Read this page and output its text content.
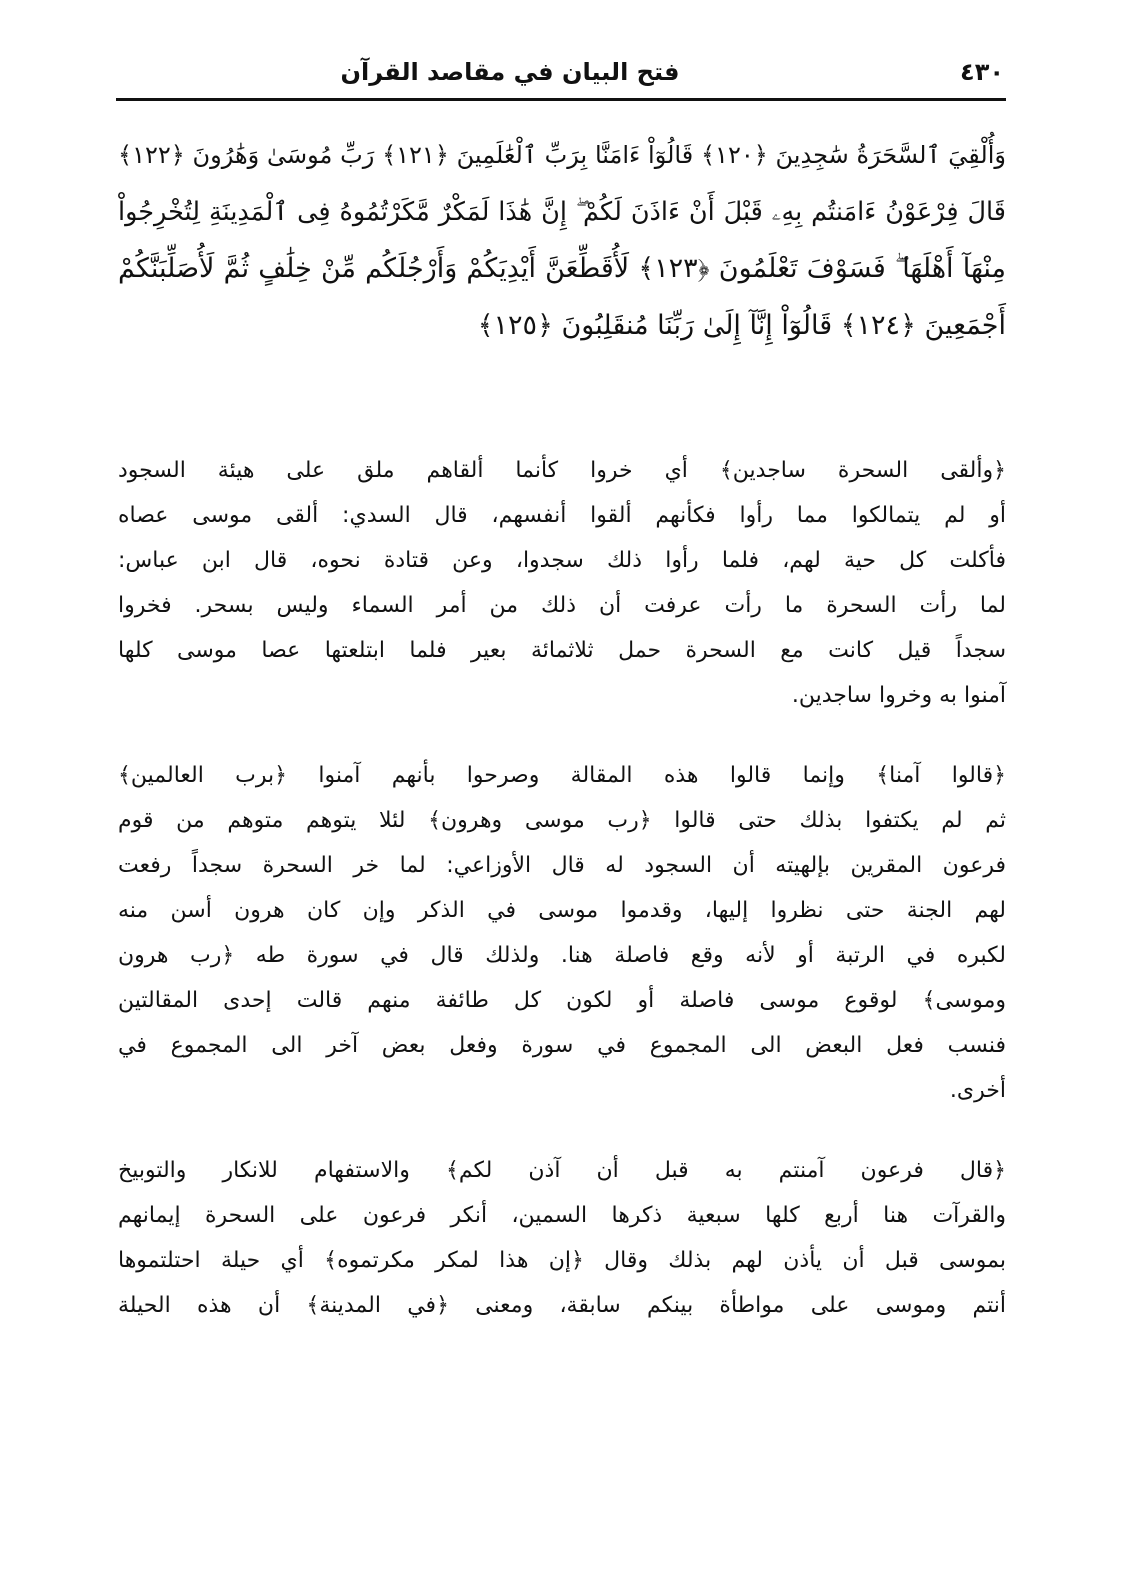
٤٣٠
فتح البيان في مقاصد القرآن
وَأُلْقِيَ ٱلسَّحَرَةُ سَٰجِدِينَ ﴿١٢٠﴾ قَالُوٓاْ ءَامَنَّا بِرَبِّ ٱلْعَٰلَمِينَ ﴿١٢١﴾ رَبِّ مُوسَىٰ وَهَٰرُونَ ﴿١٢٢﴾
قَالَ فِرْعَوْنُ ءَامَنتُم بِهِۦ قَبْلَ أَنْ ءَاذَنَ لَكُمْ ۖ إِنَّ هَٰذَا لَمَكْرٌ مَّكَرْتُمُوهُ فِى ٱلْمَدِينَةِ لِتُخْرِجُواْ
مِنْهَآ أَهْلَهَا ۖ فَسَوْفَ تَعْلَمُونَ ﴿١٢٣﴾ لَأُقَطِّعَنَّ أَيْدِيَكُمْ وَأَرْجُلَكُم مِّنْ خِلَٰفٍ ثُمَّ لَأُصَلِّبَنَّكُمْ
أَجْمَعِينَ ﴿١٢٤﴾ قَالُوٓاْ إِنَّآ إِلَىٰ رَبِّنَا مُنقَلِبُونَ ﴿١٢٥﴾
﴿وألقى السحرة ساجدين﴾ أي خروا كأنما ألقاهم ملق على هيئة السجود
أو لم يتمالكوا مما رأوا فكأنهم ألقوا أنفسهم، قال السدي: ألقى موسى عصاه
فأكلت كل حية لهم، فلما رأوا ذلك سجدوا، وعن قتادة نحوه، قال ابن عباس:
لما رأت السحرة ما رأت عرفت أن ذلك من أمر السماء وليس بسحر. فخروا
سجداً قيل كانت مع السحرة حمل ثلاثمائة بعير فلما ابتلعتها عصا موسى كلها
آمنوا به وخروا ساجدين.
﴿قالوا آمنا﴾ وإنما قالوا هذه المقالة وصرحوا بأنهم آمنوا ﴿برب العالمين﴾
ثم لم يكتفوا بذلك حتى قالوا ﴿رب موسى وهرون﴾ لئلا يتوهم متوهم من قوم
فرعون المقرين بإلهيته أن السجود له قال الأوزاعي: لما خر السحرة سجداً رفعت
لهم الجنة حتى نظروا إليها، وقدموا موسى في الذكر وإن كان هرون أسن منه
لكبره في الرتبة أو لأنه وقع فاصلة هنا. ولذلك قال في سورة طه ﴿رب هرون
وموسى﴾ لوقوع موسى فاصلة أو لكون كل طائفة منهم قالت إحدى المقالتين
فنسب فعل البعض الى المجموع في سورة وفعل بعض آخر الى المجموع في
أخرى.
﴿قال فرعون آمنتم به قبل أن آذن لكم﴾ والاستفهام للانكار والتوبيخ
والقرآت هنا أربع كلها سبعية ذكرها السمين، أنكر فرعون على السحرة إيمانهم
بموسى قبل أن يأذن لهم بذلك وقال ﴿إن هذا لمكر مكرتموه﴾ أي حيلة احتلتموها
أنتم وموسى على مواطأة بينكم سابقة، ومعنى ﴿في المدينة﴾ أن هذه الحيلة
